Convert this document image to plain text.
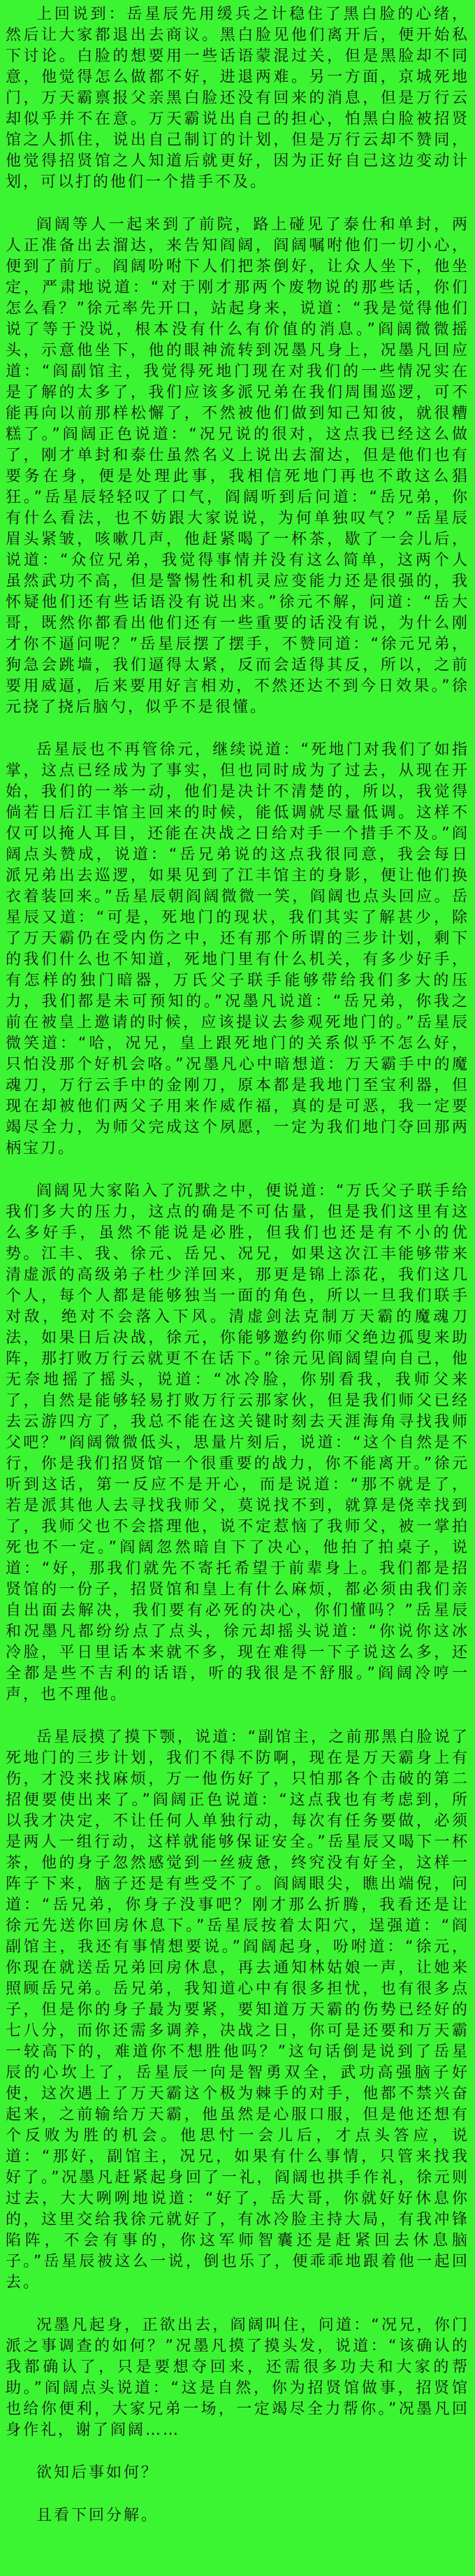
上回说到：岳星辰先用缓兵之计稳住了黑白脸的心绪，然后让大家都退出去商议。黑白脸见他们离开后，便开始私下讨论。白脸的想要用一些话语蒙混过关，但是黑脸却不同意，他觉得怎么做都不好，进退两难。另一方面，京城死地门，万天霸禀报父亲黑白脸还没有回来的消息，但是万行云却似乎并不在意。万天霸说出自己的担心，怕黑白脸被招贤馆之人抓住，说出自己制订的计划，但是万行云却不赞同，他觉得招贤馆之人知道后就更好，因为正好自己这边变动计划，可以打的他们一个措手不及。

阎阔等人一起来到了前院，路上碰见了泰仕和单封，两人正准备出去溜达，来告知阎阔，阎阔嘱咐他们一切小心，便到了前厅。阎阔吩咐下人们把茶倒好，让众人坐下，他坐定，严肃地说道：“对于刚才那两个废物说的那些话，你们怎么看？”徐元率先开口，站起身来，说道：“我是觉得他们说了等于没说，根本没有什么有价值的消息。”阎阔微微摇头，示意他坐下，他的眼神流转到况墨凡身上，况墨凡回应道：“阎副馆主，我觉得死地门现在对我们的一些情况实在是了解的太多了，我们应该多派兄弟在我们周围巡逻，可不能再向以前那样松懈了，不然被他们做到知己知彼，就很糟糕了。”阎阔正色说道：“况兄说的很对，这点我已经这么做了，刚才单封和泰仕虽然名义上说出去溜达，但是他们也有要务在身，便是处理此事，我相信死地门再也不敢这么猖狂。”岳星辰轻轻叹了口气，阎阔听到后问道：“岳兄弟，你有什么看法，也不妨跟大家说说，为何单独叹气？”岳星辰眉头紧皱，咳嗽几声，他赶紧喝了一杯茶，歇了一会儿后，说道：“众位兄弟，我觉得事情并没有这么简单，这两个人虽然武功不高，但是警惕性和机灵应变能力还是很强的，我怀疑他们还有些话语没有说出来。”徐元不解，问道：“岳大哥，既然你都看出他们还有一些重要的话没有说，为什么刚才你不逼问呢？”岳星辰摆了摆手，不赞同道：“徐元兄弟，狗急会跳墙，我们逼得太紧，反而会适得其反，所以，之前要用威逼，后来要用好言相劝，不然还达不到今日效果。”徐元挠了挠后脑勺，似乎不是很懂。

岳星辰也不再管徐元，继续说道：“死地门对我们了如指掌，这点已经成为了事实，但也同时成为了过去，从现在开始，我们的一举一动，他们是决计不清楚的，所以，我觉得倘若日后江丰馆主回来的时候，能低调就尽量低调。这样不仅可以掩人耳目，还能在决战之日给对手一个措手不及。”阎阔点头赞成，说道：“岳兄弟说的这点我很同意，我会每日派兄弟出去巡逻，如果见到了江丰馆主的身影，便让他们换衣着装回来。”岳星辰朝阎阔微微一笑，阎阔也点头回应。岳星辰又道：“可是，死地门的现状，我们其实了解甚少，除了万天霸仍在受内伤之中，还有那个所谓的三步计划，剩下的我们什么也不知道，死地门里有什么机关，有多少好手，有怎样的独门暗器，万氏父子联手能够带给我们多大的压力，我们都是未可预知的。”况墨凡说道：“岳兄弟，你我之前在被皇上邀请的时候，应该提议去参观死地门的。”岳星辰微笑道：“哈，况兄，皇上跟死地门的关系似乎不怎么好，只怕没那个好机会咯。”况墨凡心中暗想道：万天霸手中的魔魂刀，万行云手中的金刚刀，原本都是我地门至宝利器，但现在却被他们两父子用来作威作福，真的是可恶，我一定要竭尽全力，为师父完成这个夙愿，一定为我们地门夺回那两柄宝刀。

阎阔见大家陷入了沉默之中，便说道：“万氏父子联手给我们多大的压力，这点的确是不可估量，但是我们这里有这么多好手，虽然不能说是必胜，但我们也还是有不小的优势。江丰、我、徐元、岳兄、况兄，如果这次江丰能够带来清虚派的高级弟子杜少洋回来，那更是锦上添花，我们这几个人，每个人都是能够独当一面的角色，所以一旦我们联手对敌，绝对不会落入下风。清虚剑法克制万天霸的魔魂刀法，如果日后决战，徐元，你能够邀约你师父绝边孤叟来助阵，那打败万行云就更不在话下。”徐元见阎阔望向自己，他无奈地摇了摇头，说道：“冰冷脸，你别看我，我师父来了，自然是能够轻易打败万行云那家伙，但是我们师父已经去云游四方了，我总不能在这关键时刻去天涯海角寻找我师父吧？”阎阔微微低头，思量片刻后，说道：“这个自然是不行，你是我们招贤馆一个很重要的战力，你不能离开。”徐元听到这话，第一反应不是开心，而是说道：“那不就是了，若是派其他人去寻找我师父，莫说找不到，就算是侥幸找到了，我师父也不会搭理他，说不定惹恼了我师父，被一掌拍死也不一定。”阎阔忽然暗自下了决心，他拍了拍桌子，说道：“好，那我们就先不寄托希望于前辈身上。我们都是招贤馆的一份子，招贤馆和皇上有什么麻烦，都必须由我们亲自出面去解决，我们要有必死的决心，你们懂吗？”岳星辰和况墨凡都纷纷点了点头，徐元却摇头说道：“你说你这冰冷脸，平日里话本来就不多，现在难得一下子说这么多，还全都是些不吉利的话语，听的我很是不舒服。”阎阔冷哼一声，也不理他。

岳星辰摸了摸下颚，说道：“副馆主，之前那黑白脸说了死地门的三步计划，我们不得不防啊，现在是万天霸身上有伤，才没来找麻烦，万一他伤好了，只怕那各个击破的第二招便要使出来了。”阎阔正色说道：“这点我也有考虑到，所以我才决定，不让任何人单独行动，每次有任务要做，必须是两人一组行动，这样就能够保证安全。”岳星辰又喝下一杯茶，他的身子忽然感觉到一丝疲惫，终究没有好全，这样一阵子下来，脑子还是有些受不了。阎阔眼尖，瞧出端倪，问道：“岳兄弟，你身子没事吧？刚才那么折腾，我看还是让徐元先送你回房休息下。”岳星辰按着太阳穴，逞强道：“阎副馆主，我还有事情想要说。”阎阔起身，吩咐道：“徐元，你现在就送岳兄弟回房休息，再去通知林姑娘一声，让她来照顾岳兄弟。岳兄弟，我知道心中有很多担忧，也有很多点子，但是你的身子最为要紧，要知道万天霸的伤势已经好的七八分，而你还需多调养，决战之日，你可是还要和万天霸一较高下的，难道你不想胜他吗？”这句话倒是说到了岳星辰的心坎上了，岳星辰一向是智勇双全，武功高强脑子好使，这次遇上了万天霸这个极为棘手的对手，他都不禁兴奋起来，之前输给万天霸，他虽然是心服口服，但是他还想有个反败为胜的机会。他思忖一会儿后，才点头答应，说道：“那好，副馆主，况兄，如果有什么事情，只管来找我好了。”况墨凡赶紧起身回了一礼，阎阔也拱手作礼，徐元则过去，大大咧咧地说道：“好了，岳大哥，你就好好休息你的，这里交给我徐元就好了，有冰冷脸主持大局，有我冲锋陷阵，不会有事的，你这军师智囊还是赶紧回去休息脑子。”岳星辰被这么一说，倒也乐了，便乖乖地跟着他一起回去。

况墨凡起身，正欲出去，阎阔叫住，问道：“况兄，你门派之事调查的如何？”况墨凡摸了摸头发，说道：“该确认的我都确认了，只是要想夺回来，还需很多功夫和大家的帮助。”阎阔点头说道：“这是自然，你为招贤馆做事，招贤馆也给你便利，大家兄弟一场，一定竭尽全力帮你。”况墨凡回身作礼，谢了阎阔……

欲知后事如何？

且看下回分解。
